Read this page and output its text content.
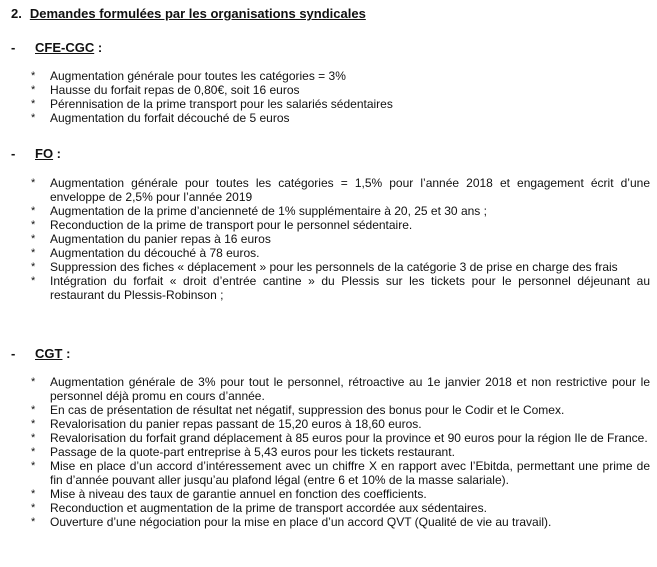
2. Demandes formulées par les organisations syndicales
- CFE-CGC :
* Augmentation générale pour toutes les catégories = 3%
* Hausse du forfait repas de 0,80€, soit 16 euros
* Pérennisation de la prime transport pour les salariés sédentaires
* Augmentation du forfait découché de 5 euros
- FO :
* Augmentation générale pour toutes les catégories = 1,5% pour l’année 2018 et engagement écrit d’une enveloppe de 2,5% pour l’année 2019
* Augmentation de la prime d’ancienneté de 1% supplémentaire à 20, 25 et 30 ans ;
* Reconduction de la prime de transport pour le personnel sédentaire.
* Augmentation du panier repas à 16 euros
* Augmentation du découché à 78 euros.
* Suppression des fiches « déplacement » pour les personnels de la catégorie 3 de prise en charge des frais
* Intégration du forfait « droit d’entrée cantine » du Plessis sur les tickets pour le personnel déjeunant au restaurant du Plessis-Robinson ;
- CGT :
* Augmentation générale de 3% pour tout le personnel, rétroactive au 1e janvier 2018 et non restrictive pour le personnel déjà promu en cours d’année.
* En cas de présentation de résultat net négatif, suppression des bonus pour le Codir et le Comex.
* Revalorisation du panier repas passant de 15,20 euros à 18,60 euros.
* Revalorisation du forfait grand déplacement à 85 euros pour la province et 90 euros pour la région Ile de France.
* Passage de la quote-part entreprise à 5,43 euros pour les tickets restaurant.
* Mise en place d’un accord d’intéressement avec un chiffre X en rapport avec l’Ebitda, permettant une prime de fin d’année pouvant aller jusqu’au plafond légal (entre 6 et 10% de la masse salariale).
* Mise à niveau des taux de garantie annuel en fonction des coefficients.
* Reconduction et augmentation de la prime de transport accordée aux sédentaires.
* Ouverture d’une négociation pour la mise en place d’un accord QVT (Qualité de vie au travail).
